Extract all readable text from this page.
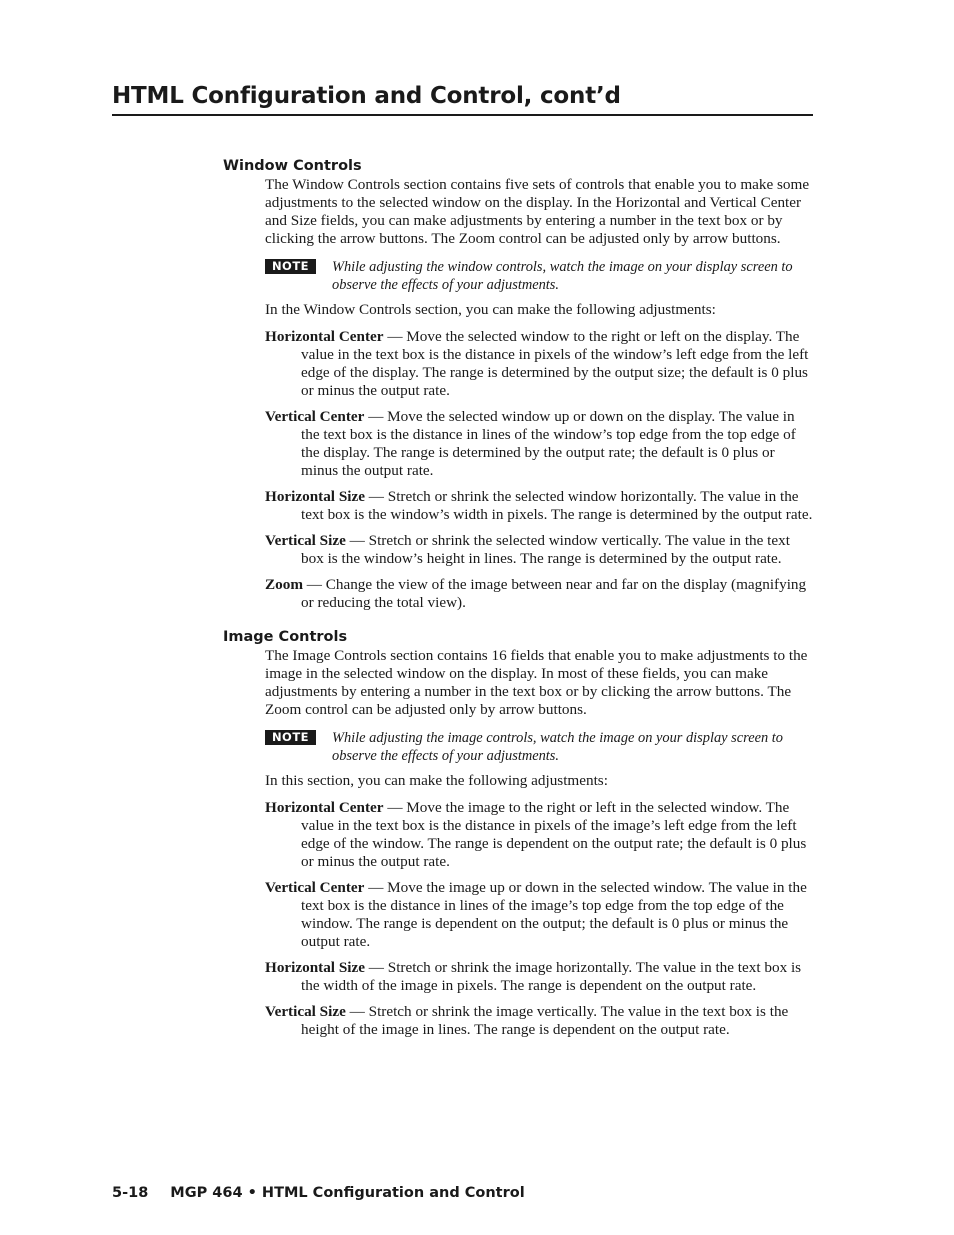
HTML Configuration and Control, cont’d
Window Controls

The Window Controls section contains five sets of controls that enable you to make some adjustments to the selected window on the display. In the Horizontal and Vertical Center and Size fields, you can make adjustments by entering a number in the text box or by clicking the arrow buttons. The Zoom control can be adjusted only by arrow buttons.

NOTE	While adjusting the window controls, watch the image on your display screen to observe the effects of your adjustments.

In the Window Controls section, you can make the following adjustments:

Horizontal Center — Move the selected window to the right or left on the display. The value in the text box is the distance in pixels of the window’s left edge from the left edge of the display. The range is determined by the output size; the default is 0 plus or minus the output rate.

Vertical Center — Move the selected window up or down on the display. The value in the text box is the distance in lines of the window’s top edge from the top edge of the display. The range is determined by the output rate; the default is 0 plus or minus the output rate.

Horizontal Size — Stretch or shrink the selected window horizontally. The value in the text box is the window’s width in pixels. The range is determined by the output rate.

Vertical Size — Stretch or shrink the selected window vertically. The value in the text box is the window’s height in lines. The range is determined by the output rate.

Zoom — Change the view of the image between near and far on the display (magnifying or reducing the total view).

Image Controls

The Image Controls section contains 16 fields that enable you to make adjustments to the image in the selected window on the display. In most of these fields, you can make adjustments by entering a number in the text box or by clicking the arrow buttons. The Zoom control can be adjusted only by arrow buttons.

NOTE	While adjusting the image controls, watch the image on your display screen to observe the effects of your adjustments.

In this section, you can make the following adjustments:

Horizontal Center — Move the image to the right or left in the selected window. The value in the text box is the distance in pixels of the image’s left edge from the left edge of the window. The range is dependent on the output rate; the default is 0 plus or minus the output rate.

Vertical Center — Move the image up or down in the selected window. The value in the text box is the distance in lines of the image’s top edge from the top edge of the window. The range is dependent on the output; the default is 0 plus or minus the output rate.

Horizontal Size — Stretch or shrink the image horizontally. The value in the text box is the width of the image in pixels. The range is dependent on the output rate.

Vertical Size — Stretch or shrink the image vertically. The value in the text box is the height of the image in lines. The range is dependent on the output rate.

5-18 MGP 464 • HTML Configuration and Control
